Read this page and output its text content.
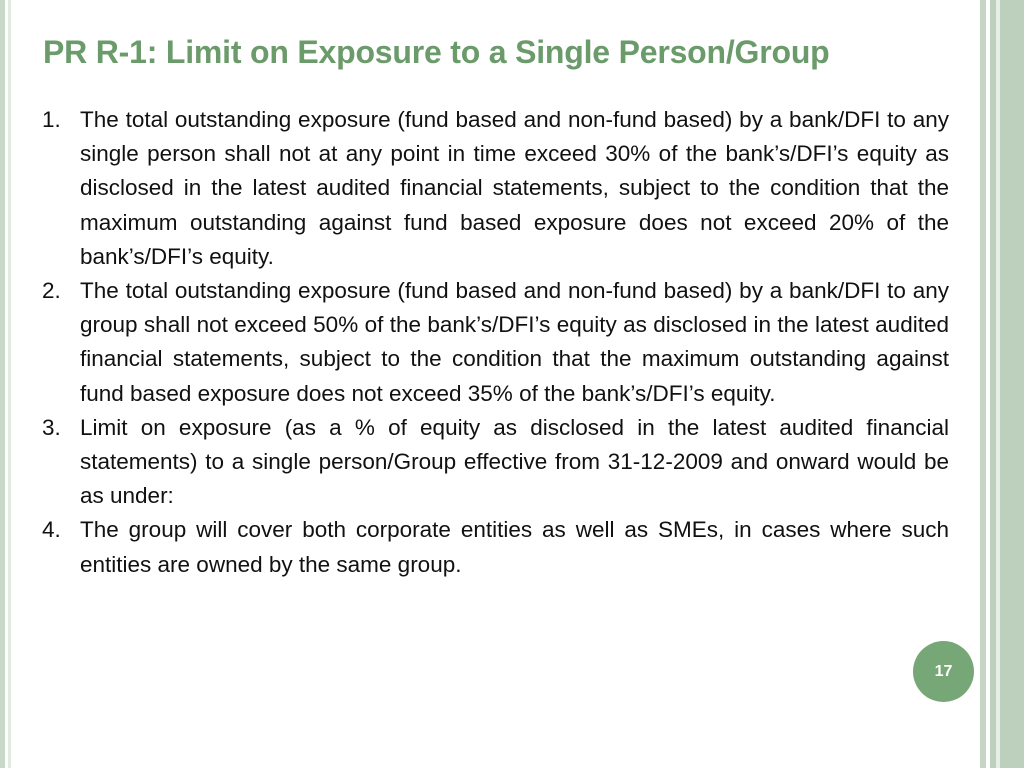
PR R-1: Limit on Exposure to a Single Person/Group
1. The total outstanding exposure (fund based and non-fund based) by a bank/DFI to any single person shall not at any point in time exceed 30% of the bank’s/DFI’s equity as disclosed in the latest audited financial statements, subject to the condition that the maximum outstanding against fund based exposure does not exceed 20% of the bank’s/DFI’s equity.
2. The total outstanding exposure (fund based and non-fund based) by a bank/DFI to any group shall not exceed 50% of the bank’s/DFI’s equity as disclosed in the latest audited financial statements, subject to the condition that the maximum outstanding against fund based exposure does not exceed 35% of the bank’s/DFI’s equity.
3. Limit on exposure (as a % of equity as disclosed in the latest audited financial statements) to a single person/Group effective from 31-12-2009 and onward would be as under:
4. The group will cover both corporate entities as well as SMEs, in cases where such entities are owned by the same group.
17
